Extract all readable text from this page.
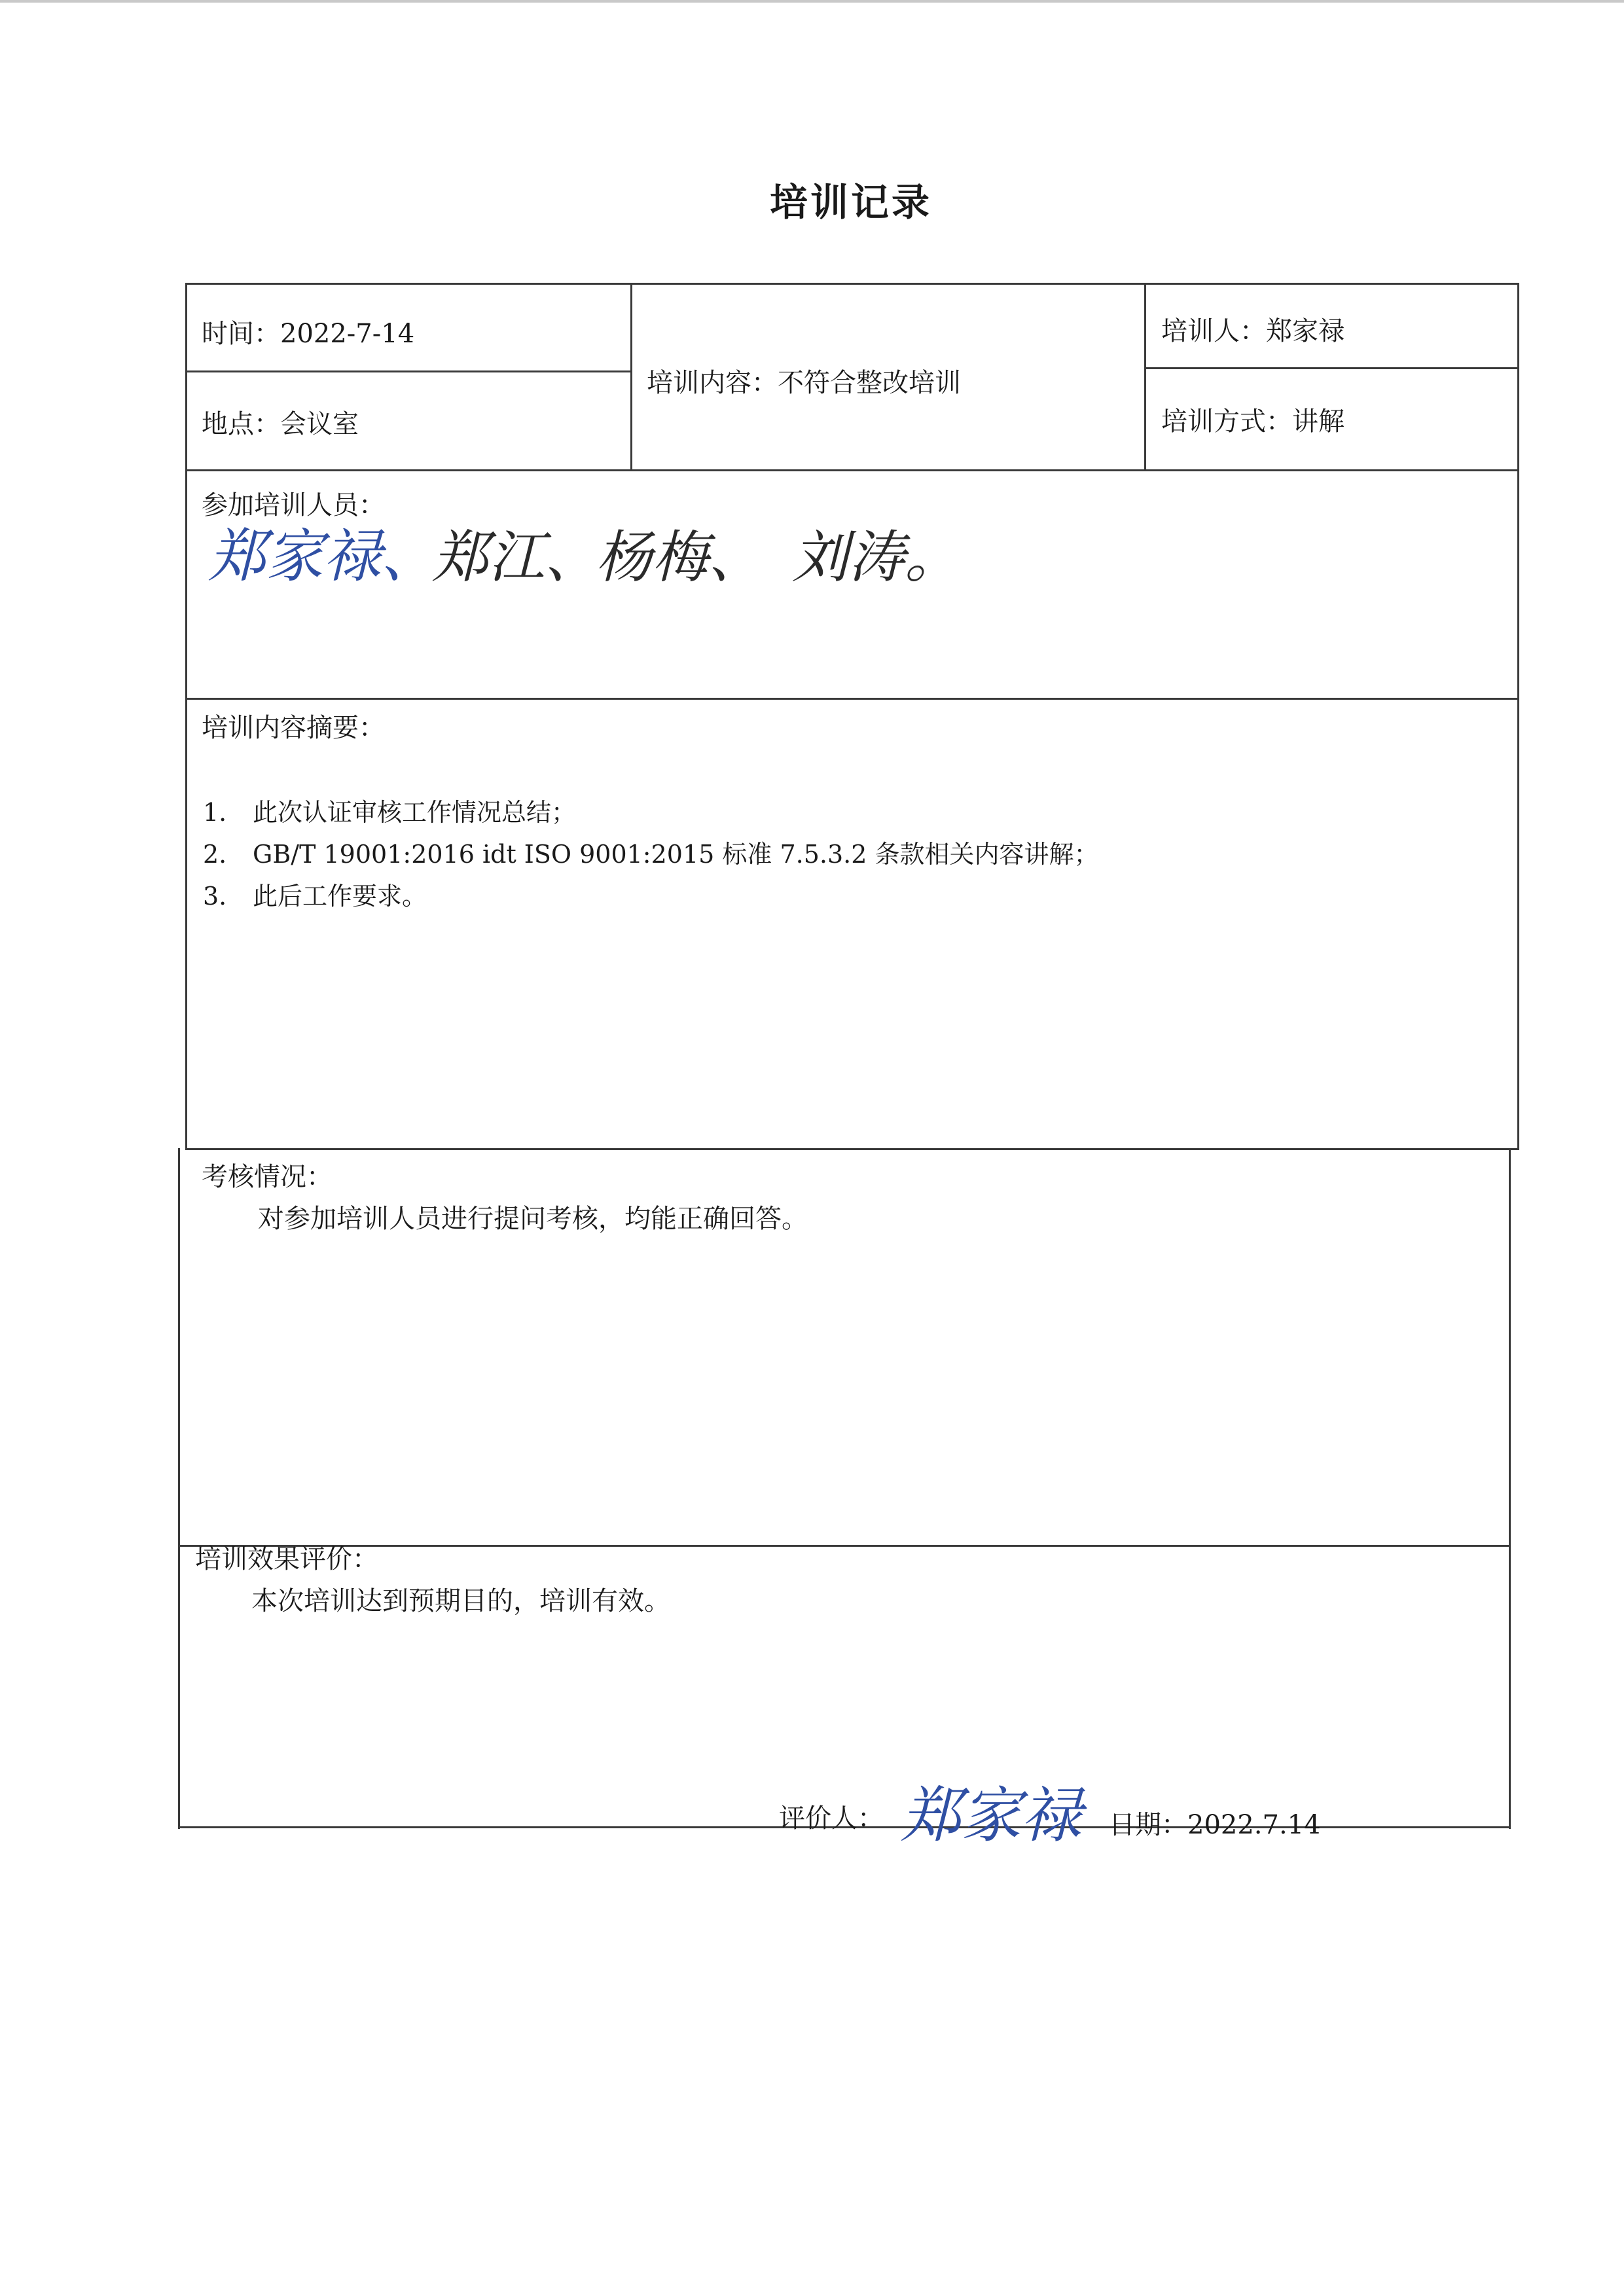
培训记录
时间：2022-7-14
地点：会议室
培训内容：不符合整改培训
培训人：郑家禄
培训方式：讲解
参加培训人员：
郑家禄、
郑江、
杨梅、 刘涛。
培训内容摘要：
1. 此次认证审核工作情况总结；
2. GB/T 19001:2016 idt ISO 9001:2015 标准 7.5.3.2 条款相关内容讲解；
3. 此后工作要求。
考核情况：
对参加培训人员进行提问考核，均能正确回答。
培训效果评价：
本次培训达到预期目的，培训有效。
评价人： 郑家禄 日期：2022.7.14
